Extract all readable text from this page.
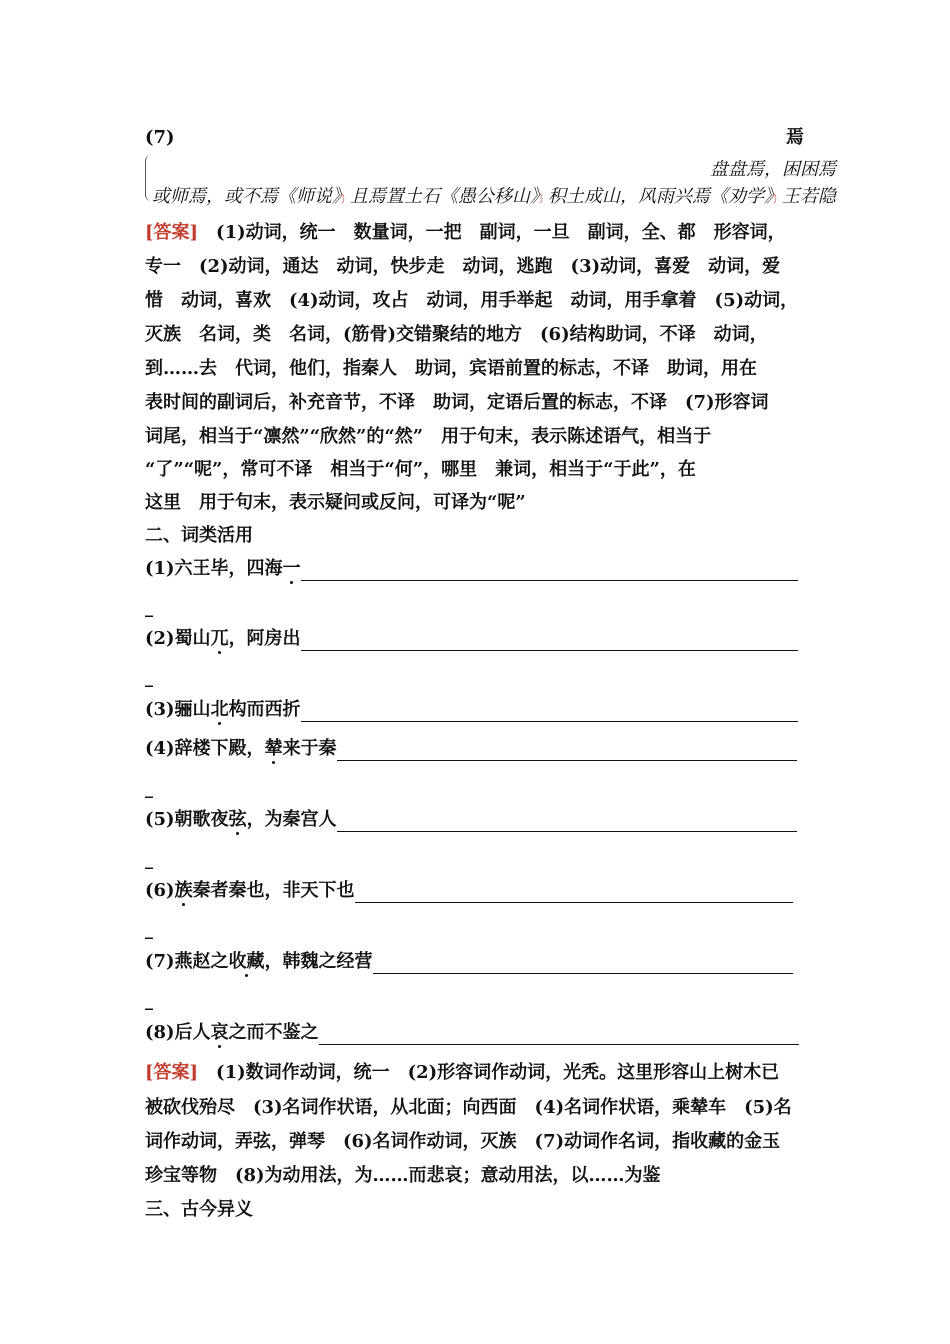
(7)	焉
盘盘焉，困困焉
或师焉，或不焉《师说》｝且焉置土石《愚公移山》｝积土成山，风雨兴焉《劝学》｝王若隐
[答案]　 (1)动词，统一　数量词，一把　副词，一旦　副词，全、都　形容词，
专一　(2)动词，通达　动词，快步走　动词，逃跑　(3)动词，喜爱　动词，爱
惜　动词，喜欢　(4)动词，攻占　动词，用手举起　动词，用手拿着　(5)动词，
灭族　名词，类　名词，(筋骨)交错聚结的地方　(6)结构助词，不译　动词，
到……去　代词，他们，指秦人　助词，宾语前置的标志，不译　助词，用在
表时间的副词后，补充音节，不译　助词，定语后置的标志，不译　(7)形容词
词尾，相当于“凛然”“欣然”的“然”　用于句末，表示陈述语气，相当于
“了”“呢”，常可不译　相当于“何”，哪里　兼词，相当于“于此”，在
这里　用于句末，表示疑问或反问，可译为“呢”
二、词类活用
(1)六王毕，四海一
_
(2)蜀山兀，阿房出
_
(3)骊山北构而西折
(4)辞楼下殿，辇来于秦
_
(5)朝歌夜弦，为秦宫人
_
(6)族秦者秦也，非天下也
_
(7)燕赵之收藏，韩魏之经营
_
(8)后人哀之而不鉴之
[答案]　 (1)数词作动词，统一　(2)形容词作动词，光秃。这里形容山上树木已
被砍伐殆尽　(3)名词作状语，从北面；向西面　(4)名词作状语，乘辇车　(5)名
词作动词，弄弦，弹琴　(6)名词作动词，灭族　(7)动词作名词，指收藏的金玉
珍宝等物　(8)为动用法，为……而悲哀；意动用法，以……为鉴
三、古今异义
